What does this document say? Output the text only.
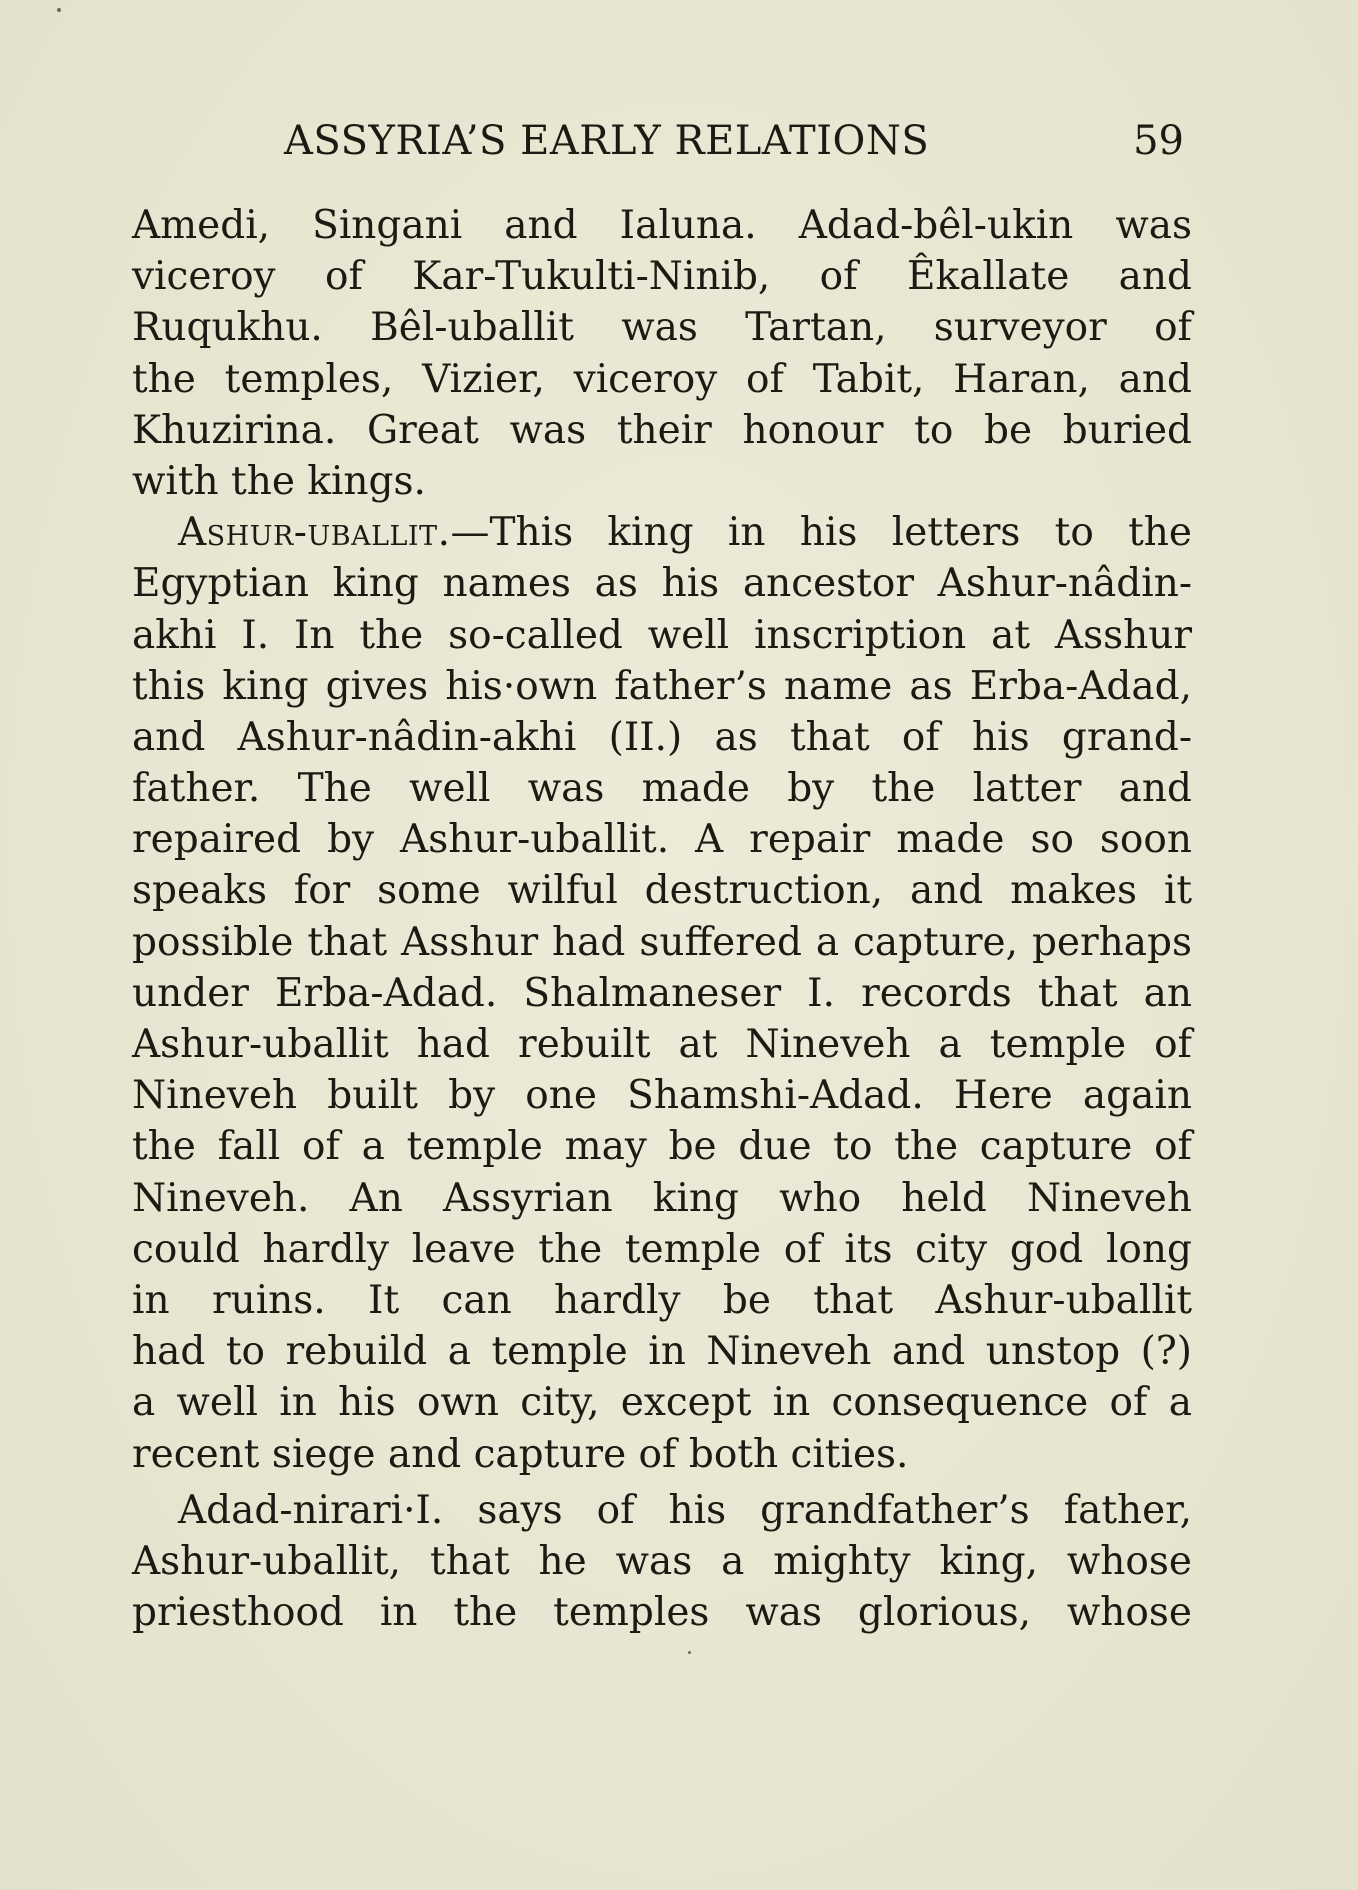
ASSYRIA’S EARLY RELATIONS	59
Amedi, Singani and Ialuna. Adad-bêl-ukin was
viceroy of Kar-Tukulti-Ninib, of Êkallate and
Ruqukhu. Bêl-uballit was Tartan, surveyor of
the temples, Vizier, viceroy of Tabit, Haran, and
Khuzirina. Great was their honour to be buried
with the kings.
Ashur-uballit.—This king in his letters to the
Egyptian king names as his ancestor Ashur-nâdin-
akhi I. In the so-called well inscription at Asshur
this king gives his·own father’s name as Erba-Adad,
and Ashur-nâdin-akhi (II.) as that of his grand-
father. The well was made by the latter and
repaired by Ashur-uballit. A repair made so soon
speaks for some wilful destruction, and makes it
possible that Asshur had suffered a capture, perhaps
under Erba-Adad. Shalmaneser I. records that an
Ashur-uballit had rebuilt at Nineveh a temple of
Nineveh built by one Shamshi-Adad. Here again
the fall of a temple may be due to the capture of
Nineveh. An Assyrian king who held Nineveh
could hardly leave the temple of its city god long
in ruins. It can hardly be that Ashur-uballit
had to rebuild a temple in Nineveh and unstop (?)
a well in his own city, except in consequence of a
recent siege and capture of both cities.
Adad-nirari·I. says of his grandfather’s father,
Ashur-uballit, that he was a mighty king, whose
priesthood in the temples was glorious, whose
